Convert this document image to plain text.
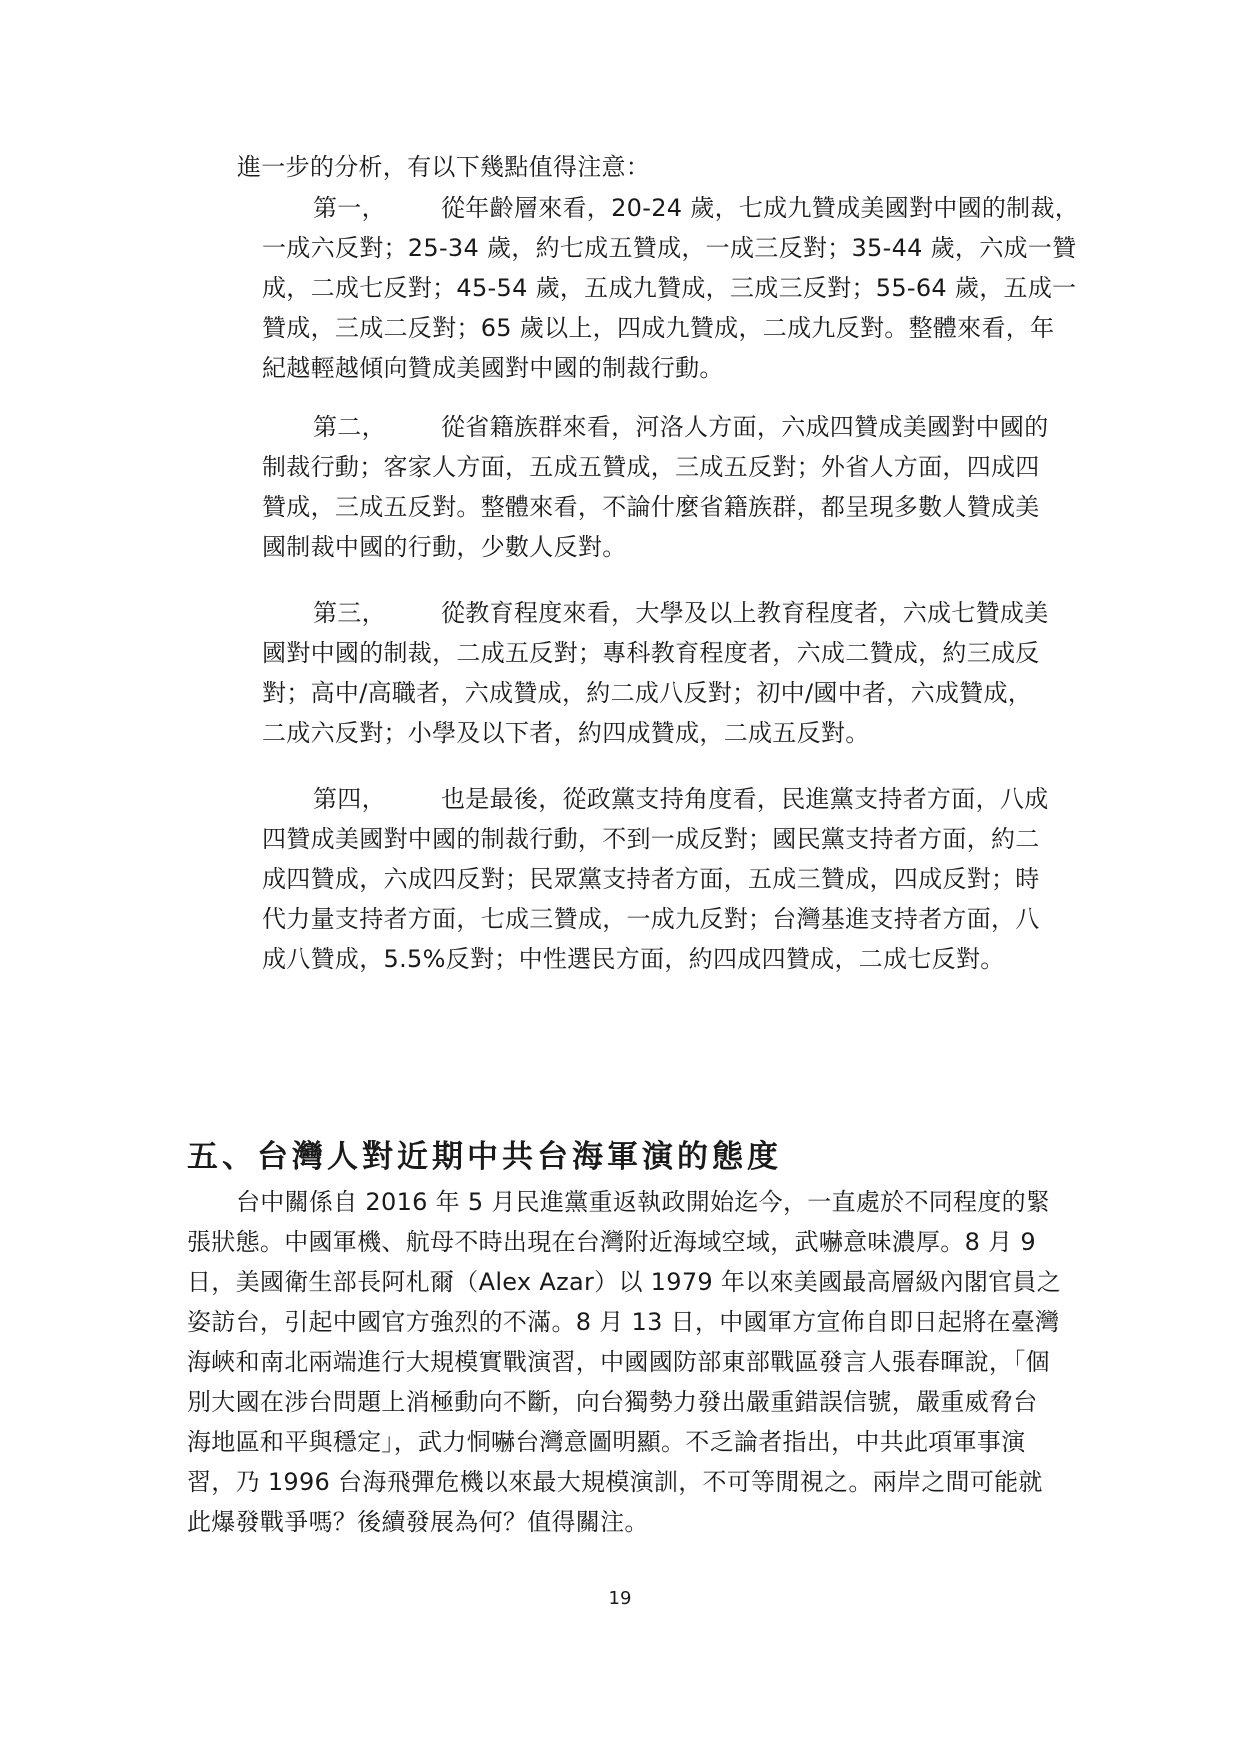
進一步的分析，有以下幾點值得注意：
第一， 從年齡層來看，20-24 歲，七成九贊成美國對中國的制裁，
一成六反對；25-34 歲，約七成五贊成，一成三反對；35-44 歲，六成一贊
成，二成七反對；45-54 歲，五成九贊成，三成三反對；55-64 歲，五成一
贊成，三成二反對；65 歲以上，四成九贊成，二成九反對。整體來看，年
紀越輕越傾向贊成美國對中國的制裁行動。
第二， 從省籍族群來看，河洛人方面，六成四贊成美國對中國的
制裁行動；客家人方面，五成五贊成，三成五反對；外省人方面，四成四
贊成，三成五反對。整體來看，不論什麼省籍族群，都呈現多數人贊成美
國制裁中國的行動，少數人反對。
第三， 從教育程度來看，大學及以上教育程度者，六成七贊成美
國對中國的制裁，二成五反對；專科教育程度者，六成二贊成，約三成反
對；高中/高職者，六成贊成，約二成八反對；初中/國中者，六成贊成，
二成六反對；小學及以下者，約四成贊成，二成五反對。
第四， 也是最後，從政黨支持角度看，民進黨支持者方面，八成
四贊成美國對中國的制裁行動，不到一成反對；國民黨支持者方面，約二
成四贊成，六成四反對；民眾黨支持者方面，五成三贊成，四成反對；時
代力量支持者方面，七成三贊成，一成九反對；台灣基進支持者方面，八
成八贊成，5.5%反對；中性選民方面，約四成四贊成，二成七反對。
五、台灣人對近期中共台海軍演的態度
台中關係自 2016 年 5 月民進黨重返執政開始迄今，一直處於不同程度的緊
張狀態。中國軍機、航母不時出現在台灣附近海域空域，武嚇意味濃厚。8 月 9
日，美國衛生部長阿札爾（Alex Azar）以 1979 年以來美國最高層級內閣官員之
姿訪台，引起中國官方強烈的不滿。8 月 13 日，中國軍方宣佈自即日起將在臺灣
海峽和南北兩端進行大規模實戰演習，中國國防部東部戰區發言人張春暉說，「個
別大國在涉台問題上消極動向不斷，向台獨勢力發出嚴重錯誤信號，嚴重威脅台
海地區和平與穩定」，武力恫嚇台灣意圖明顯。不乏論者指出，中共此項軍事演
習，乃 1996 台海飛彈危機以來最大規模演訓，不可等閒視之。兩岸之間可能就
此爆發戰爭嗎？後續發展為何？值得關注。
19
